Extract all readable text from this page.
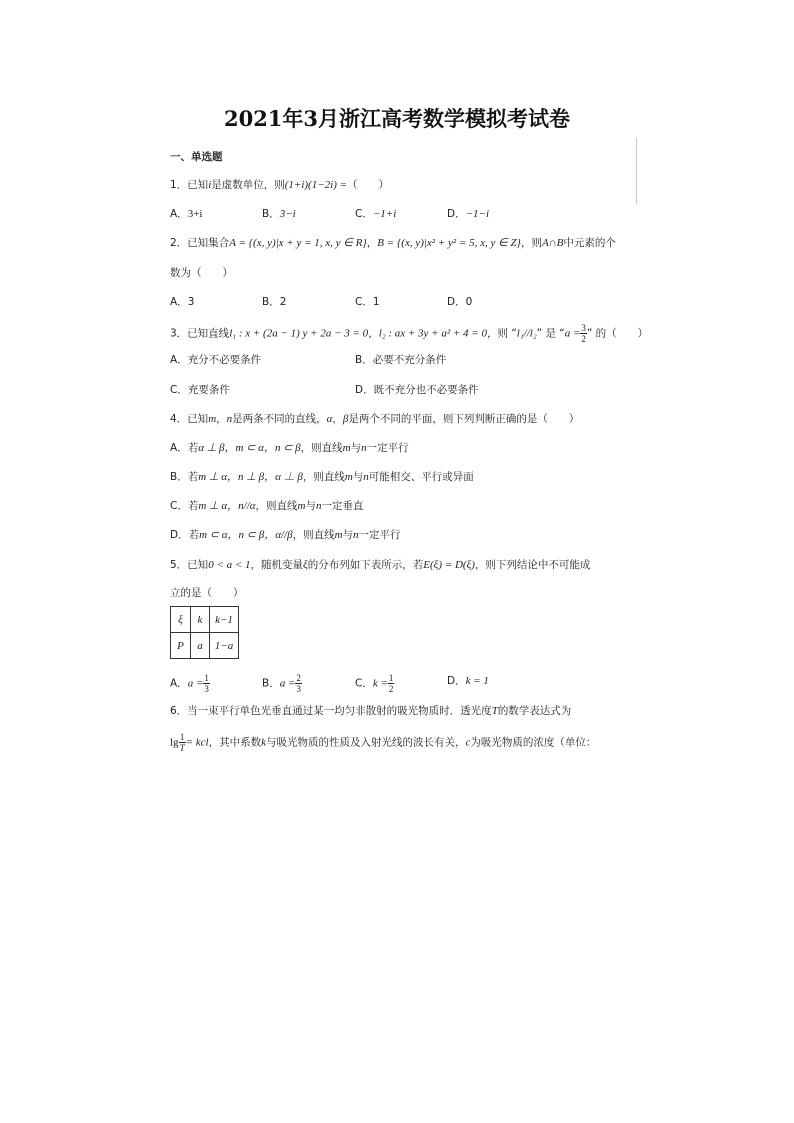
2021年3月浙江高考数学模拟考试卷
一、单选题
1．已知i是虚数单位，则(1+i)(1−2i) =（　　）
A．3+i	B．3−i	C．−1+i	D．−1−i
2．已知集合A = {(x, y)|x + y = 1, x, y ∈ R}，B = {(x, y)|x² + y² = 5, x, y ∈ Z}，则A∩B中元素的个
数为（　　）
A．3	B．2	C．1	D．0
3．已知直线l₁ : x + (2a − 1) y + 2a − 3 = 0，l₂ : ax + 3y + a² + 4 = 0，则 “l₁//l₂” 是 “$a = \frac{3}{2}$ ” 的（　　）
A．充分不必要条件	B．必要不充分条件
C．充要条件	D．既不充分也不必要条件
4．已知m，n是两条不同的直线，α，β是两个不同的平面，则下列判断正确的是（　　）
A．若α ⊥ β，m ⊂ α，n ⊂ β，则直线m与n一定平行
B．若m ⊥ α，n ⊥ β，α ⊥ β，则直线m与n可能相交、平行或异面
C．若m ⊥ α，n//α，则直线m与n一定垂直
D．若m ⊂ α，n ⊂ β，α//β，则直线m与n一定平行
5．已知0 < a < 1，随机变量ξ的分布列如下表所示，若E(ξ) = D(ξ)，则下列结论中不可能成
立的是（　　）
ξ	k	k−1
P	a	1−a
A．$a = \frac{1}{3}$	B．$a = \frac{2}{3}$	C．$k = \frac{1}{2}$	D．k = 1
6．当一束平行单色光垂直通过某一均匀非散射的吸光物质时．透光度T的数学表达式为
$\lg \frac{1}{T}$ = kcl，其中系数k与吸光物质的性质及入射光线的波长有关，c为吸光物质的浓度（单位：
